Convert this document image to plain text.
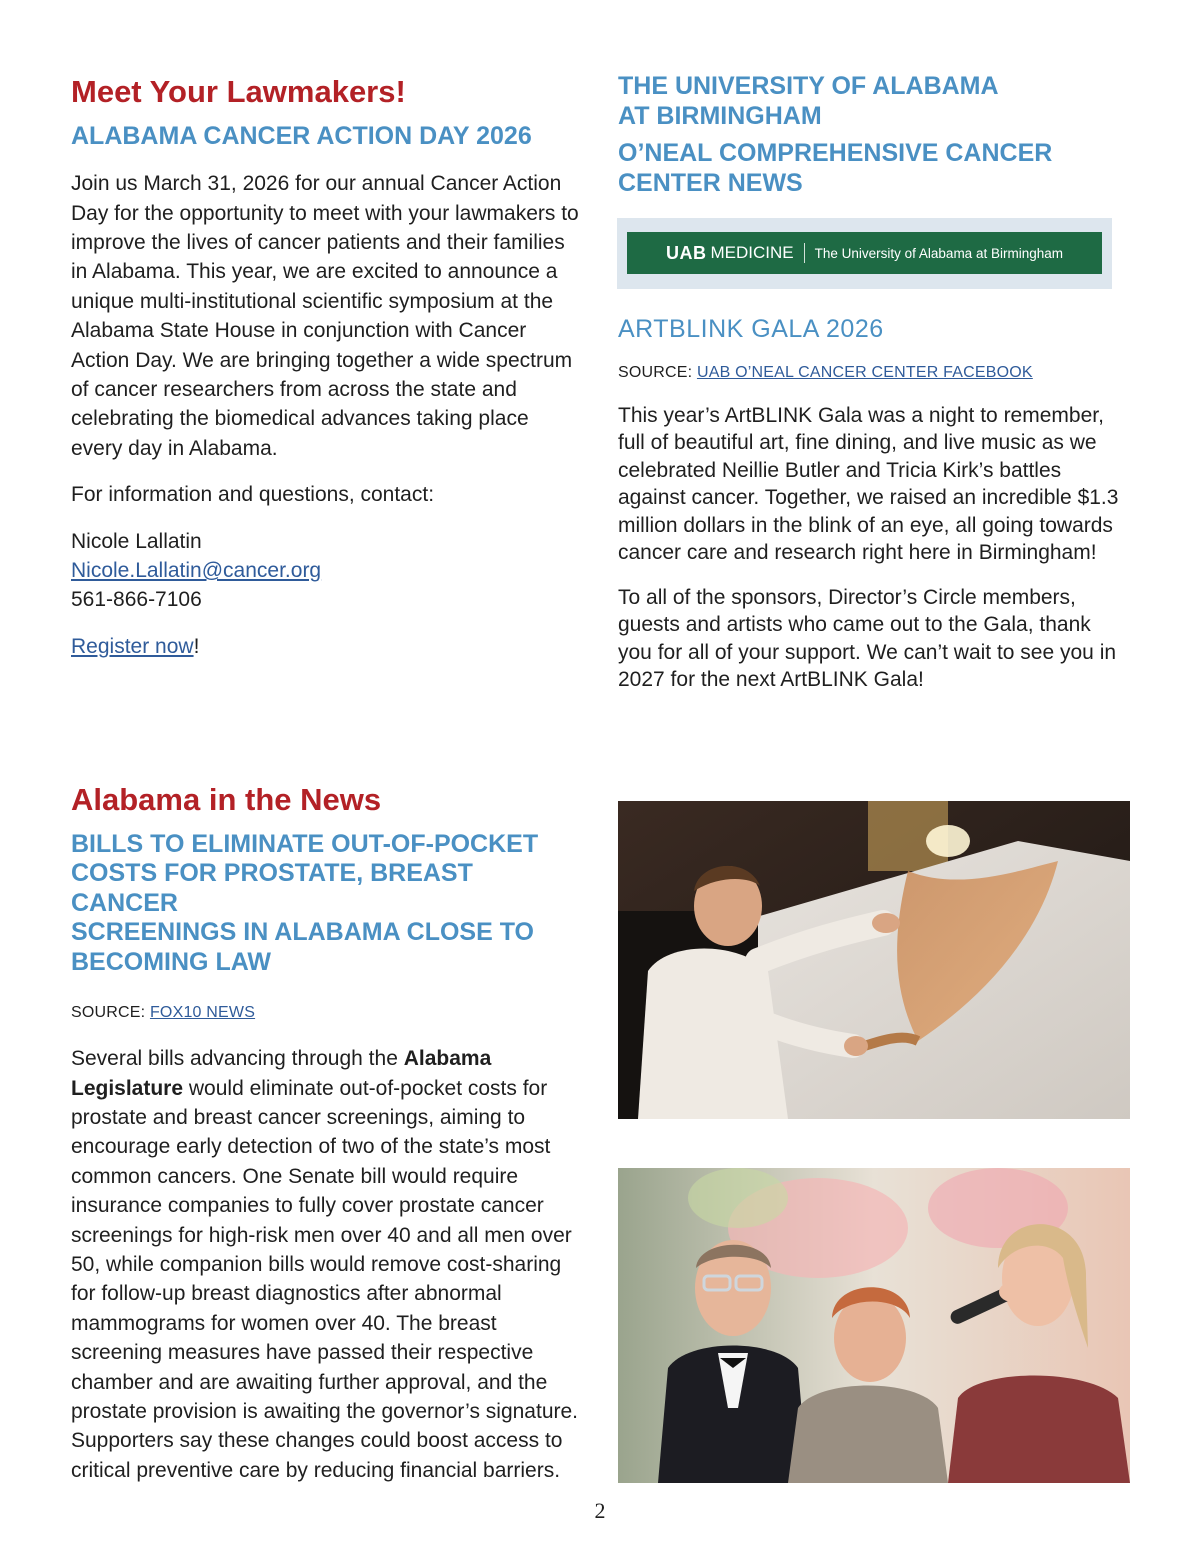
Meet Your Lawmakers!
ALABAMA CANCER ACTION DAY 2026

Join us March 31, 2026 for our annual Cancer Action Day for the opportunity to meet with your lawmakers to improve the lives of cancer patients and their families in Alabama. This year, we are excited to announce a unique multi-institutional scientific symposium at the Alabama State House in conjunction with Cancer Action Day. We are bringing together a wide spectrum of cancer researchers from across the state and celebrating the biomedical advances taking place every day in Alabama.

For information and questions, contact:

Nicole Lallatin

Nicole.Lallatin@cancer.org

561-866-7106

Register now!

THE UNIVERSITY OF ALABAMA
AT BIRMINGHAM
O’NEAL COMPREHENSIVE CANCER
CENTER NEWS
UAB MEDICINE The University of Alabama at Birmingham
ARTBLINK GALA 2026
SOURCE: UAB O’NEAL CANCER CENTER FACEBOOK

This year’s ArtBLINK Gala was a night to remember, full of beautiful art, fine dining, and live music as we celebrated Neillie Butler and Tricia Kirk’s battles against cancer. Together, we raised an incredible $1.3 million dollars in the blink of an eye, all going towards cancer care and research right here in Birmingham!

To all of the sponsors, Director’s Circle members, guests and artists who came out to the Gala, thank you for all of your support. We can’t wait to see you in 2027 for the next ArtBLINK Gala!

Alabama in the News
BILLS TO ELIMINATE OUT-OF-POCKET
COSTS FOR PROSTATE, BREAST CANCER
SCREENINGS IN ALABAMA CLOSE TO
BECOMING LAW
SOURCE: FOX10 NEWS

Several bills advancing through the Alabama Legislature would eliminate out-of-pocket costs for prostate and breast cancer screenings, aiming to encourage early detection of two of the state’s most common cancers. One Senate bill would require insurance companies to fully cover prostate cancer screenings for high-risk men over 40 and all men over 50, while companion bills would remove cost-sharing for follow-up breast diagnostics after abnormal mammograms for women over 40. The breast screening measures have passed their respective chamber and are awaiting further approval, and the prostate provision is awaiting the governor’s signature. Supporters say these changes could boost access to critical preventive care by reducing financial barriers.

2
